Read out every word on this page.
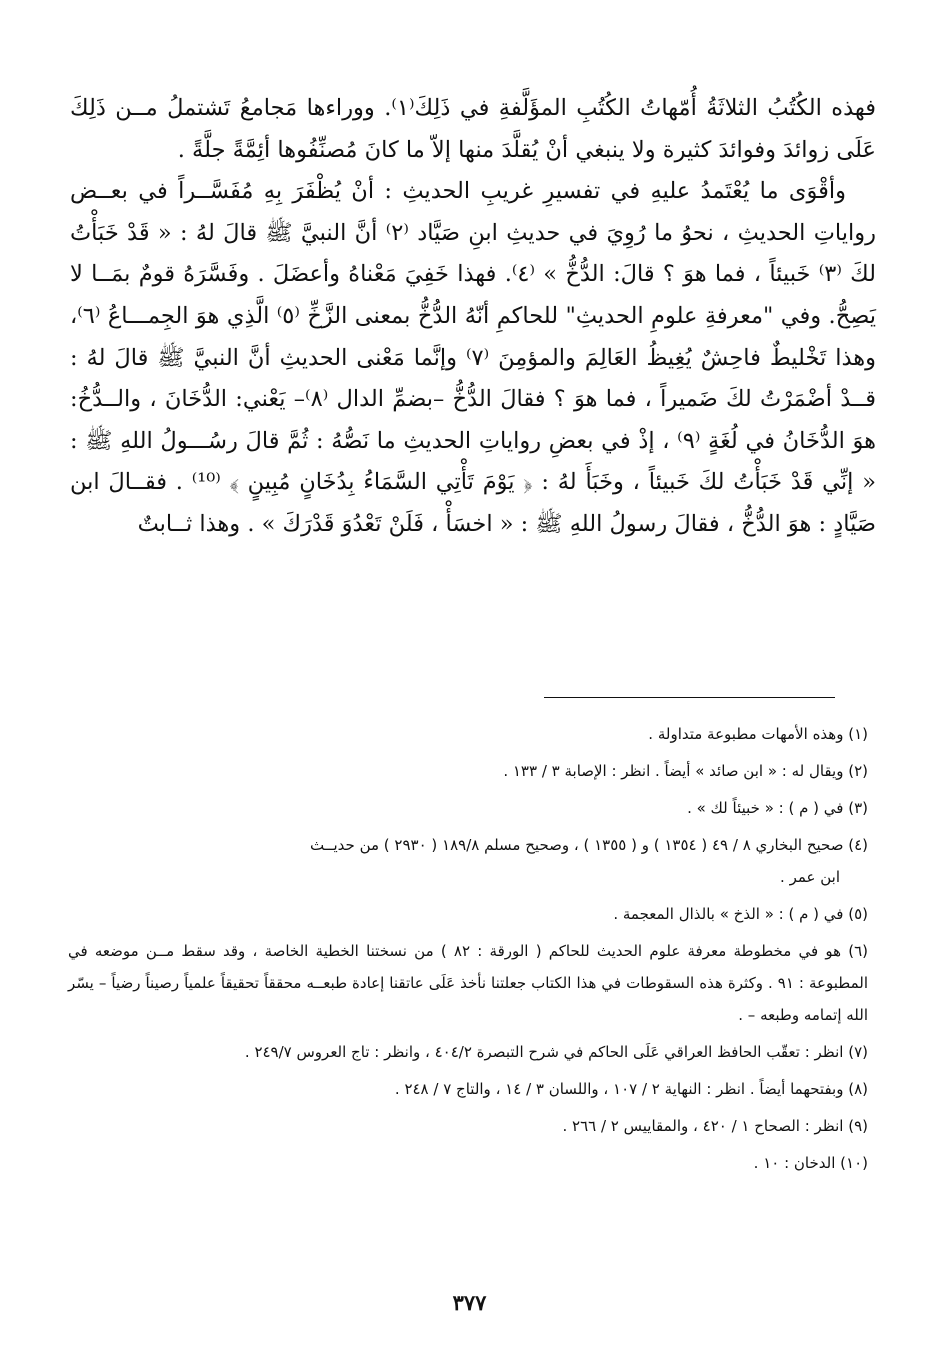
فهذه الكُتُبُ الثلاثَةُ أُمّهاتُ الكُتُبِ المؤَلَّفةِ في ذَلِكَ⁽١⁾. ووراءها مَجامعُ تَشتملُ مــن ذَلِكَ عَلَى زوائدَ وفوائدَ كثيرة ولا ينبغي أنْ يُقلَّدَ منها إلاّ ما كانَ مُصنِّفُوها أئِمَّةً جلَّةً .

وأقْوَى ما يُعْتَمدُ عليهِ في تفسيرِ غريبِ الحديثِ : أنْ يُظْفَرَ بِهِ مُفَسَّــراً في بعــض رواياتِ الحديثِ ، نحوُ ما رُوِيَ في حديثِ ابنِ صَيَّاد ⁽٢⁾ أنَّ النبيَّ ﷺ قالَ لهُ : « قَدْ خَبَأْتُ لكَ ⁽٣⁾ خَبيئاً ، فما هوَ ؟ قالَ: الدُّخُّ » ⁽٤⁾. فهذا خَفِيَ مَعْناهُ وأعضَلَ . وفَسَّرَهُ قومٌ بمَــا لا يَصِحُّ. وفي "معرفةِ علومِ الحديثِ" للحاكمِ أنّهُ الدُّخُّ بمعنى الزَّخِّ ⁽٥⁾ الَّذِي هوَ الجِمـــاعُ ⁽٦⁾، وهذا تَخْليطٌ فاحِشٌ يُغِيظُ العَالِمَ والمؤمِنَ ⁽٧⁾ وإنَّما مَعْنى الحديثِ أنَّ النبيَّ ﷺ قالَ لهُ : قــدْ أضْمَرْتُ لكَ ضَميراً ، فما هوَ ؟ فقالَ الدُّخُّ –بضمِّ الدال ⁽٨⁾– يَعْني: الدُّخَانَ ، والــدُّخُ: هوَ الدُّخَانُ في لُغَةٍ ⁽٩⁾ ، إذْ في بعضِ رواياتِ الحديثِ ما نَصُّهُ : ثُمَّ قالَ رسُـــولُ اللهِ ﷺ : « إنِّي قَدْ خَبَأْتُ لكَ خَبيئاً ، وخَبَأَ لهُ : ﴿ يَوْمَ تَأْتِي السَّمَاءُ بِدُخَانٍ مُبِينٍ ﴾ ⁽¹⁰⁾ . فقــالَ ابن صَيَّادٍ : هوَ الدُّخُّ ، فقالَ رسولُ اللهِ ﷺ : « اخسَأْ ، فَلَنْ تَعْدُوَ قَدْرَكَ » . وهذا ثــابتٌ

(١) وهذه الأمهات مطبوعة متداولة .
(٢) ويقال له : « ابن صائد » أيضاً . انظر : الإصابة ٣ / ١٣٣ .
(٣) في ( م ) : « خبيئاً لك » .
(٤) صحيح البخاري ٨ / ٤٩ ( ١٣٥٤ ) و ( ١٣٥٥ ) ، وصحيح مسلم ١٨٩/٨ ( ٢٩٣٠ ) من حديــث
ابن عمر .
(٥) في ( م ) : « الذخ » بالذال المعجمة .
(٦) هو في مخطوطة معرفة علوم الحديث للحاكم ( الورقة : ٨٢ ) من نسختنا الخطية الخاصة ، وقد سقط مــن موضعه في المطبوعة : ٩١ . وكثرة هذه السقوطات في هذا الكتاب جعلتنا نأخذ عَلَى عاتقنا إعادة طبعــه محققاً تحقيقاً علمياً رصيناً رضياً – يسّر الله إتمامه وطبعه – .
(٧) انظر : تعقّب الحافظ العراقي عَلَى الحاكم في شرح التبصرة ٤٠٤/٢ ، وانظر : تاج العروس ٢٤٩/٧ .
(٨) وبفتحهما أيضاً . انظر : النهاية ٢ / ١٠٧ ، واللسان ٣ / ١٤ ، والتاج ٧ / ٢٤٨ .
(٩) انظر : الصحاح ١ / ٤٢٠ ، والمقاييس ٢ / ٢٦٦ .
(١٠) الدخان : ١٠ .
٣٧٧
